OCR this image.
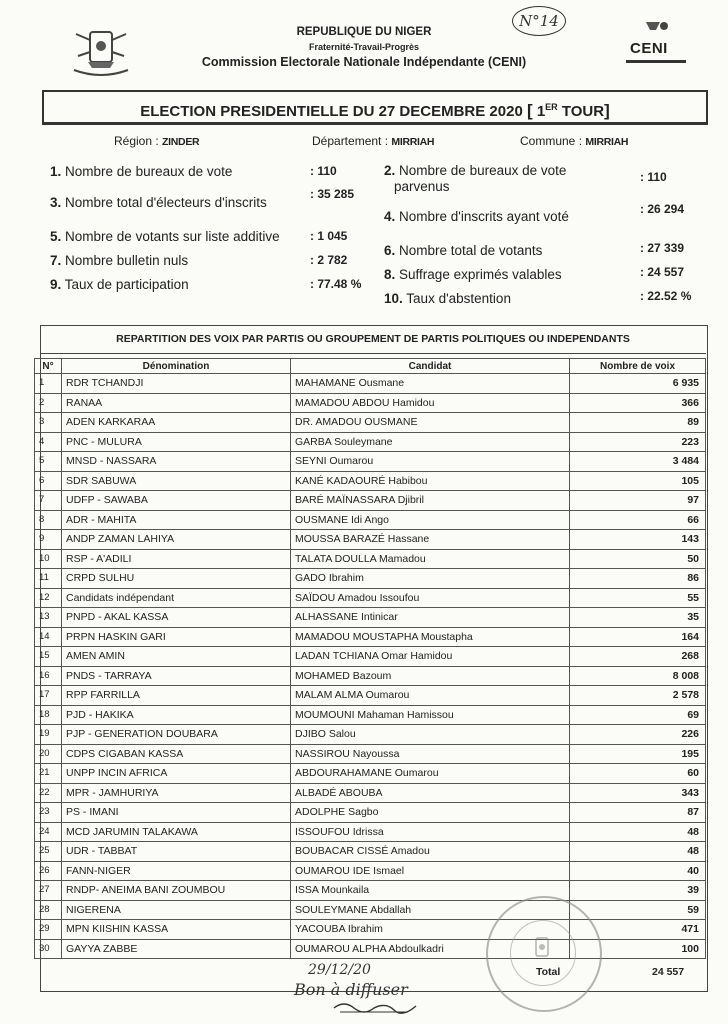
REPUBLIQUE DU NIGER
Fraternité-Travail-Progrès
Commission Electorale Nationale Indépendante (CENI)
N°14
CENI
ELECTION PRESIDENTIELLE DU 27 DECEMBRE 2020 [ 1ER TOUR]
Région : ZINDER	Département : MIRRIAH	Commune : MIRRIAH
1. Nombre de bureaux de vote	: 110
3. Nombre total d'électeurs d'inscrits
: 35 285
5. Nombre de votants sur liste additive	: 1 045
7. Nombre bulletin nuls	: 2 782
9. Taux de participation	: 77.48 %
2. Nombre de bureaux de vote
parvenus
: 110
4. Nombre d'inscrits ayant voté	: 26 294
6. Nombre total de votants	: 27 339
8. Suffrage exprimés valables	: 24 557
10. Taux d'abstention	: 22.52 %
REPARTITION DES VOIX PAR PARTIS OU GROUPEMENT DE PARTIS POLITIQUES OU INDEPENDANTS
N°	Dénomination	Candidat	Nombre de voix
1	RDR TCHANDJI	MAHAMANE Ousmane	6 935
2	RANAA	MAMADOU ABDOU Hamidou	366
3	ADEN KARKARAA	DR. AMADOU OUSMANE	89
4	PNC - MULURA	GARBA Souleymane	223
5	MNSD - NASSARA	SEYNI Oumarou	3 484
6	SDR SABUWA	KANÉ KADAOURÉ Habibou	105
7	UDFP - SAWABA	BARÉ MAÏNASSARA Djibril	97
8	ADR - MAHITA	OUSMANE Idi Ango	66
9	ANDP ZAMAN LAHIYA	MOUSSA BARAZÉ Hassane	143
10	RSP - A'ADILI	TALATA DOULLA Mamadou	50
11	CRPD SULHU	GADO Ibrahim	86
12	Candidats indépendant	SAÏDOU Amadou Issoufou	55
13	PNPD - AKAL KASSA	ALHASSANE Intinicar	35
14	PRPN HASKIN GARI	MAMADOU MOUSTAPHA Moustapha	164
15	AMEN AMIN	LADAN TCHIANA Omar Hamidou	268
16	PNDS - TARRAYA	MOHAMED Bazoum	8 008
17	RPP FARRILLA	MALAM ALMA Oumarou	2 578
18	PJD - HAKIKA	MOUMOUNI Mahaman Hamissou	69
19	PJP - GENERATION DOUBARA	DJIBO Salou	226
20	CDPS CIGABAN KASSA	NASSIROU Nayoussa	195
21	UNPP INCIN AFRICA	ABDOURAHAMANE Oumarou	60
22	MPR - JAMHURIYA	ALBADÉ ABOUBA	343
23	PS - IMANI	ADOLPHE Sagbo	87
24	MCD JARUMIN TALAKAWA	ISSOUFOU Idrissa	48
25	UDR - TABBAT	BOUBACAR CISSÉ Amadou	48
26	FANN-NIGER	OUMAROU IDE Ismael	40
27	RNDP- ANEIMA BANI ZOUMBOU	ISSA Mounkaila	39
28	NIGERENA	SOULEYMANE Abdallah	59
29	MPN KIISHIN KASSA	YACOUBA Ibrahim	471
30	GAYYA ZABBE	OUMAROU ALPHA Abdoulkadri	100
Total	24 557
29/12/20
Bon à diffuser
